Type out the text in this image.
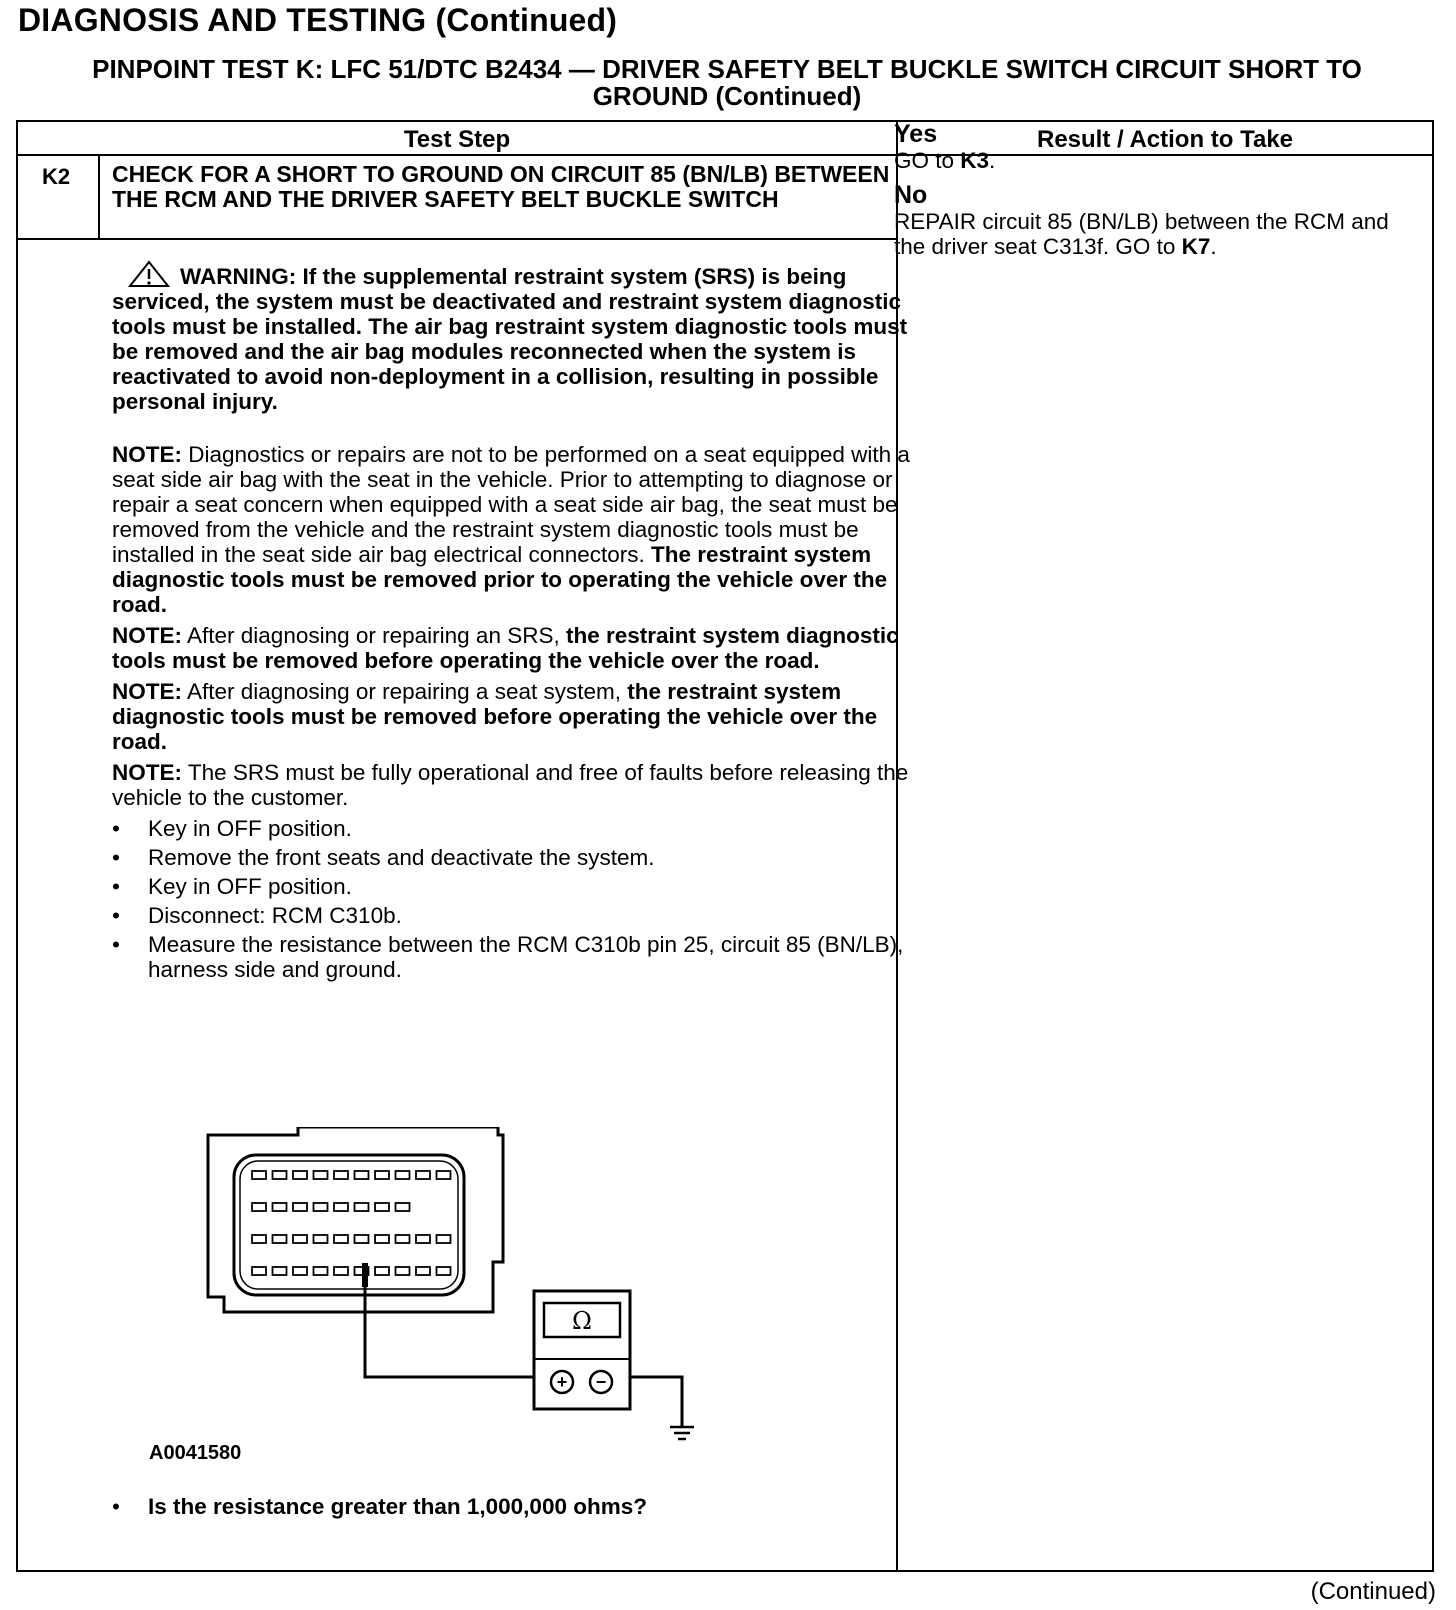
DIAGNOSIS AND TESTING (Continued)
PINPOINT TEST K: LFC 51/DTC B2434 — DRIVER SAFETY BELT BUCKLE SWITCH CIRCUIT SHORT TO
GROUND (Continued)
Test Step	Result / Action to Take
K2 CHECK FOR A SHORT TO GROUND ON CIRCUIT 85 (BN/LB) BETWEEN THE RCM AND THE DRIVER SAFETY BELT BUCKLE SWITCH

WARNING: If the supplemental restraint system (SRS) is being serviced, the system must be deactivated and restraint system diagnostic tools must be installed. The air bag restraint system diagnostic tools must be removed and the air bag modules reconnected when the system is reactivated to avoid non-deployment in a collision, resulting in possible personal injury.

NOTE: Diagnostics or repairs are not to be performed on a seat equipped with a seat side air bag with the seat in the vehicle. Prior to attempting to diagnose or repair a seat concern when equipped with a seat side air bag, the seat must be removed from the vehicle and the restraint system diagnostic tools must be installed in the seat side air bag electrical connectors. The restraint system diagnostic tools must be removed prior to operating the vehicle over the road.

NOTE: After diagnosing or repairing an SRS, the restraint system diagnostic tools must be removed before operating the vehicle over the road.

NOTE: After diagnosing or repairing a seat system, the restraint system diagnostic tools must be removed before operating the vehicle over the road.

NOTE: The SRS must be fully operational and free of faults before releasing the vehicle to the customer.

• Key in OFF position.
• Remove the front seats and deactivate the system.
• Key in OFF position.
• Disconnect: RCM C310b.
• Measure the resistance between the RCM C310b pin 25, circuit 85 (BN/LB), harness side and ground.
Ω
+ −
A0041580
• Is the resistance greater than 1,000,000 ohms?

Yes

GO to K3.

No

REPAIR circuit 85 (BN/LB) between the RCM and the driver seat C313f. GO to K7.

(Continued)
